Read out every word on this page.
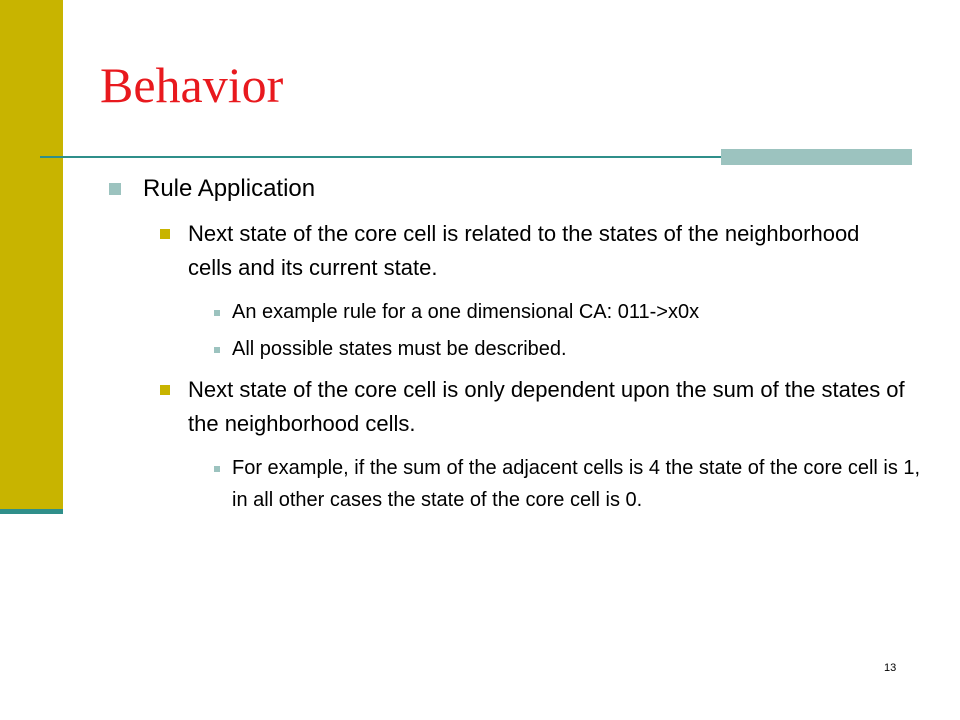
Behavior
Rule Application
Next state of the core cell is related to the states of the neighborhood cells and its current state.
An example rule for a one dimensional CA: 011->x0x
All possible states must be described.
Next state of the core cell is only dependent upon the sum of the states of the neighborhood cells.
For example, if the sum of the adjacent cells is 4 the state of the core cell is 1, in all other cases the state of the core cell is 0.
13
